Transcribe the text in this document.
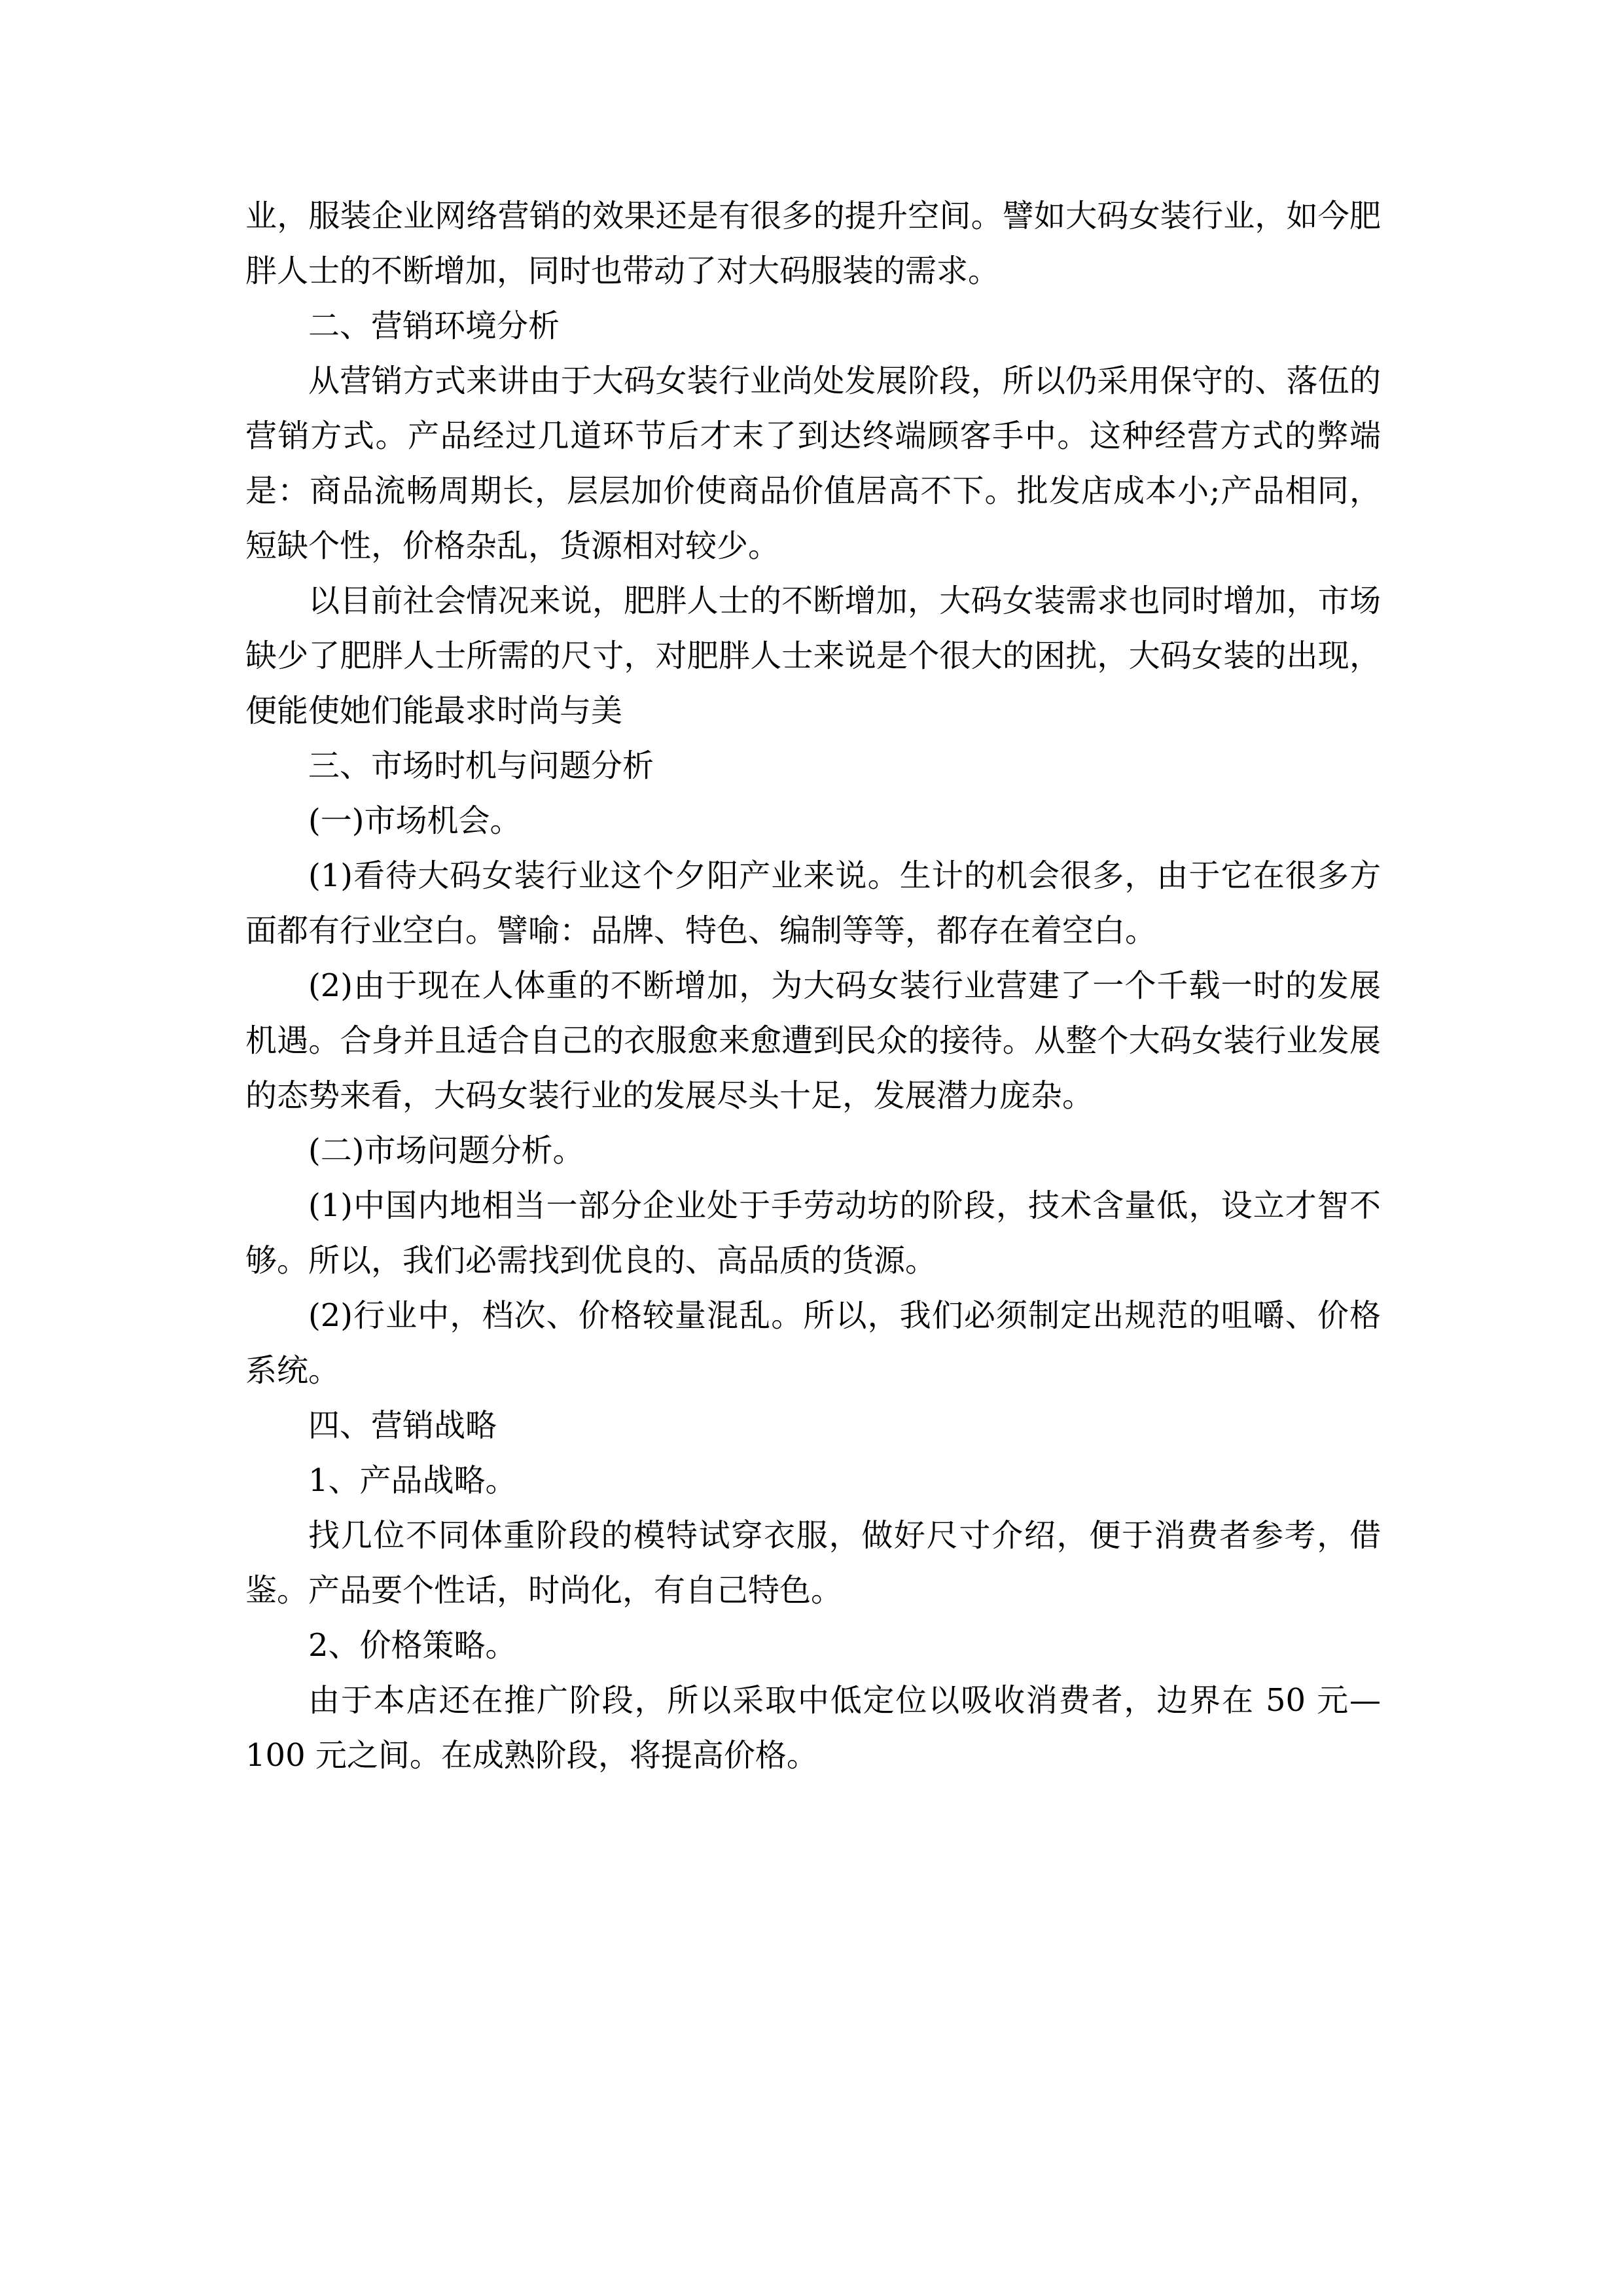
业，服装企业网络营销的效果还是有很多的提升空间。譬如大码女装行业，如今肥胖人士的不断增加，同时也带动了对大码服装的需求。

二、营销环境分析

从营销方式来讲由于大码女装行业尚处发展阶段，所以仍采用保守的、落伍的营销方式。产品经过几道环节后才末了到达终端顾客手中。这种经营方式的弊端是：商品流畅周期长，层层加价使商品价值居高不下。批发店成本小;产品相同，短缺个性，价格杂乱，货源相对较少。

以目前社会情况来说，肥胖人士的不断增加，大码女装需求也同时增加，市场缺少了肥胖人士所需的尺寸，对肥胖人士来说是个很大的困扰，大码女装的出现，便能使她们能最求时尚与美

三、市场时机与问题分析

(一)市场机会。

(1)看待大码女装行业这个夕阳产业来说。生计的机会很多，由于它在很多方面都有行业空白。譬喻：品牌、特色、编制等等，都存在着空白。

(2)由于现在人体重的不断增加，为大码女装行业营建了一个千载一时的发展机遇。合身并且适合自己的衣服愈来愈遭到民众的接待。从整个大码女装行业发展的态势来看，大码女装行业的发展尽头十足，发展潜力庞杂。

(二)市场问题分析。

(1)中国内地相当一部分企业处于手劳动坊的阶段，技术含量低，设立才智不够。所以，我们必需找到优良的、高品质的货源。

(2)行业中，档次、价格较量混乱。所以，我们必须制定出规范的咀嚼、价格系统。

四、营销战略

1、产品战略。

找几位不同体重阶段的模特试穿衣服，做好尺寸介绍，便于消费者参考，借鉴。产品要个性话，时尚化，有自己特色。

2、价格策略。

由于本店还在推广阶段，所以采取中低定位以吸收消费者，边界在 50 元—100 元之间。在成熟阶段，将提高价格。
